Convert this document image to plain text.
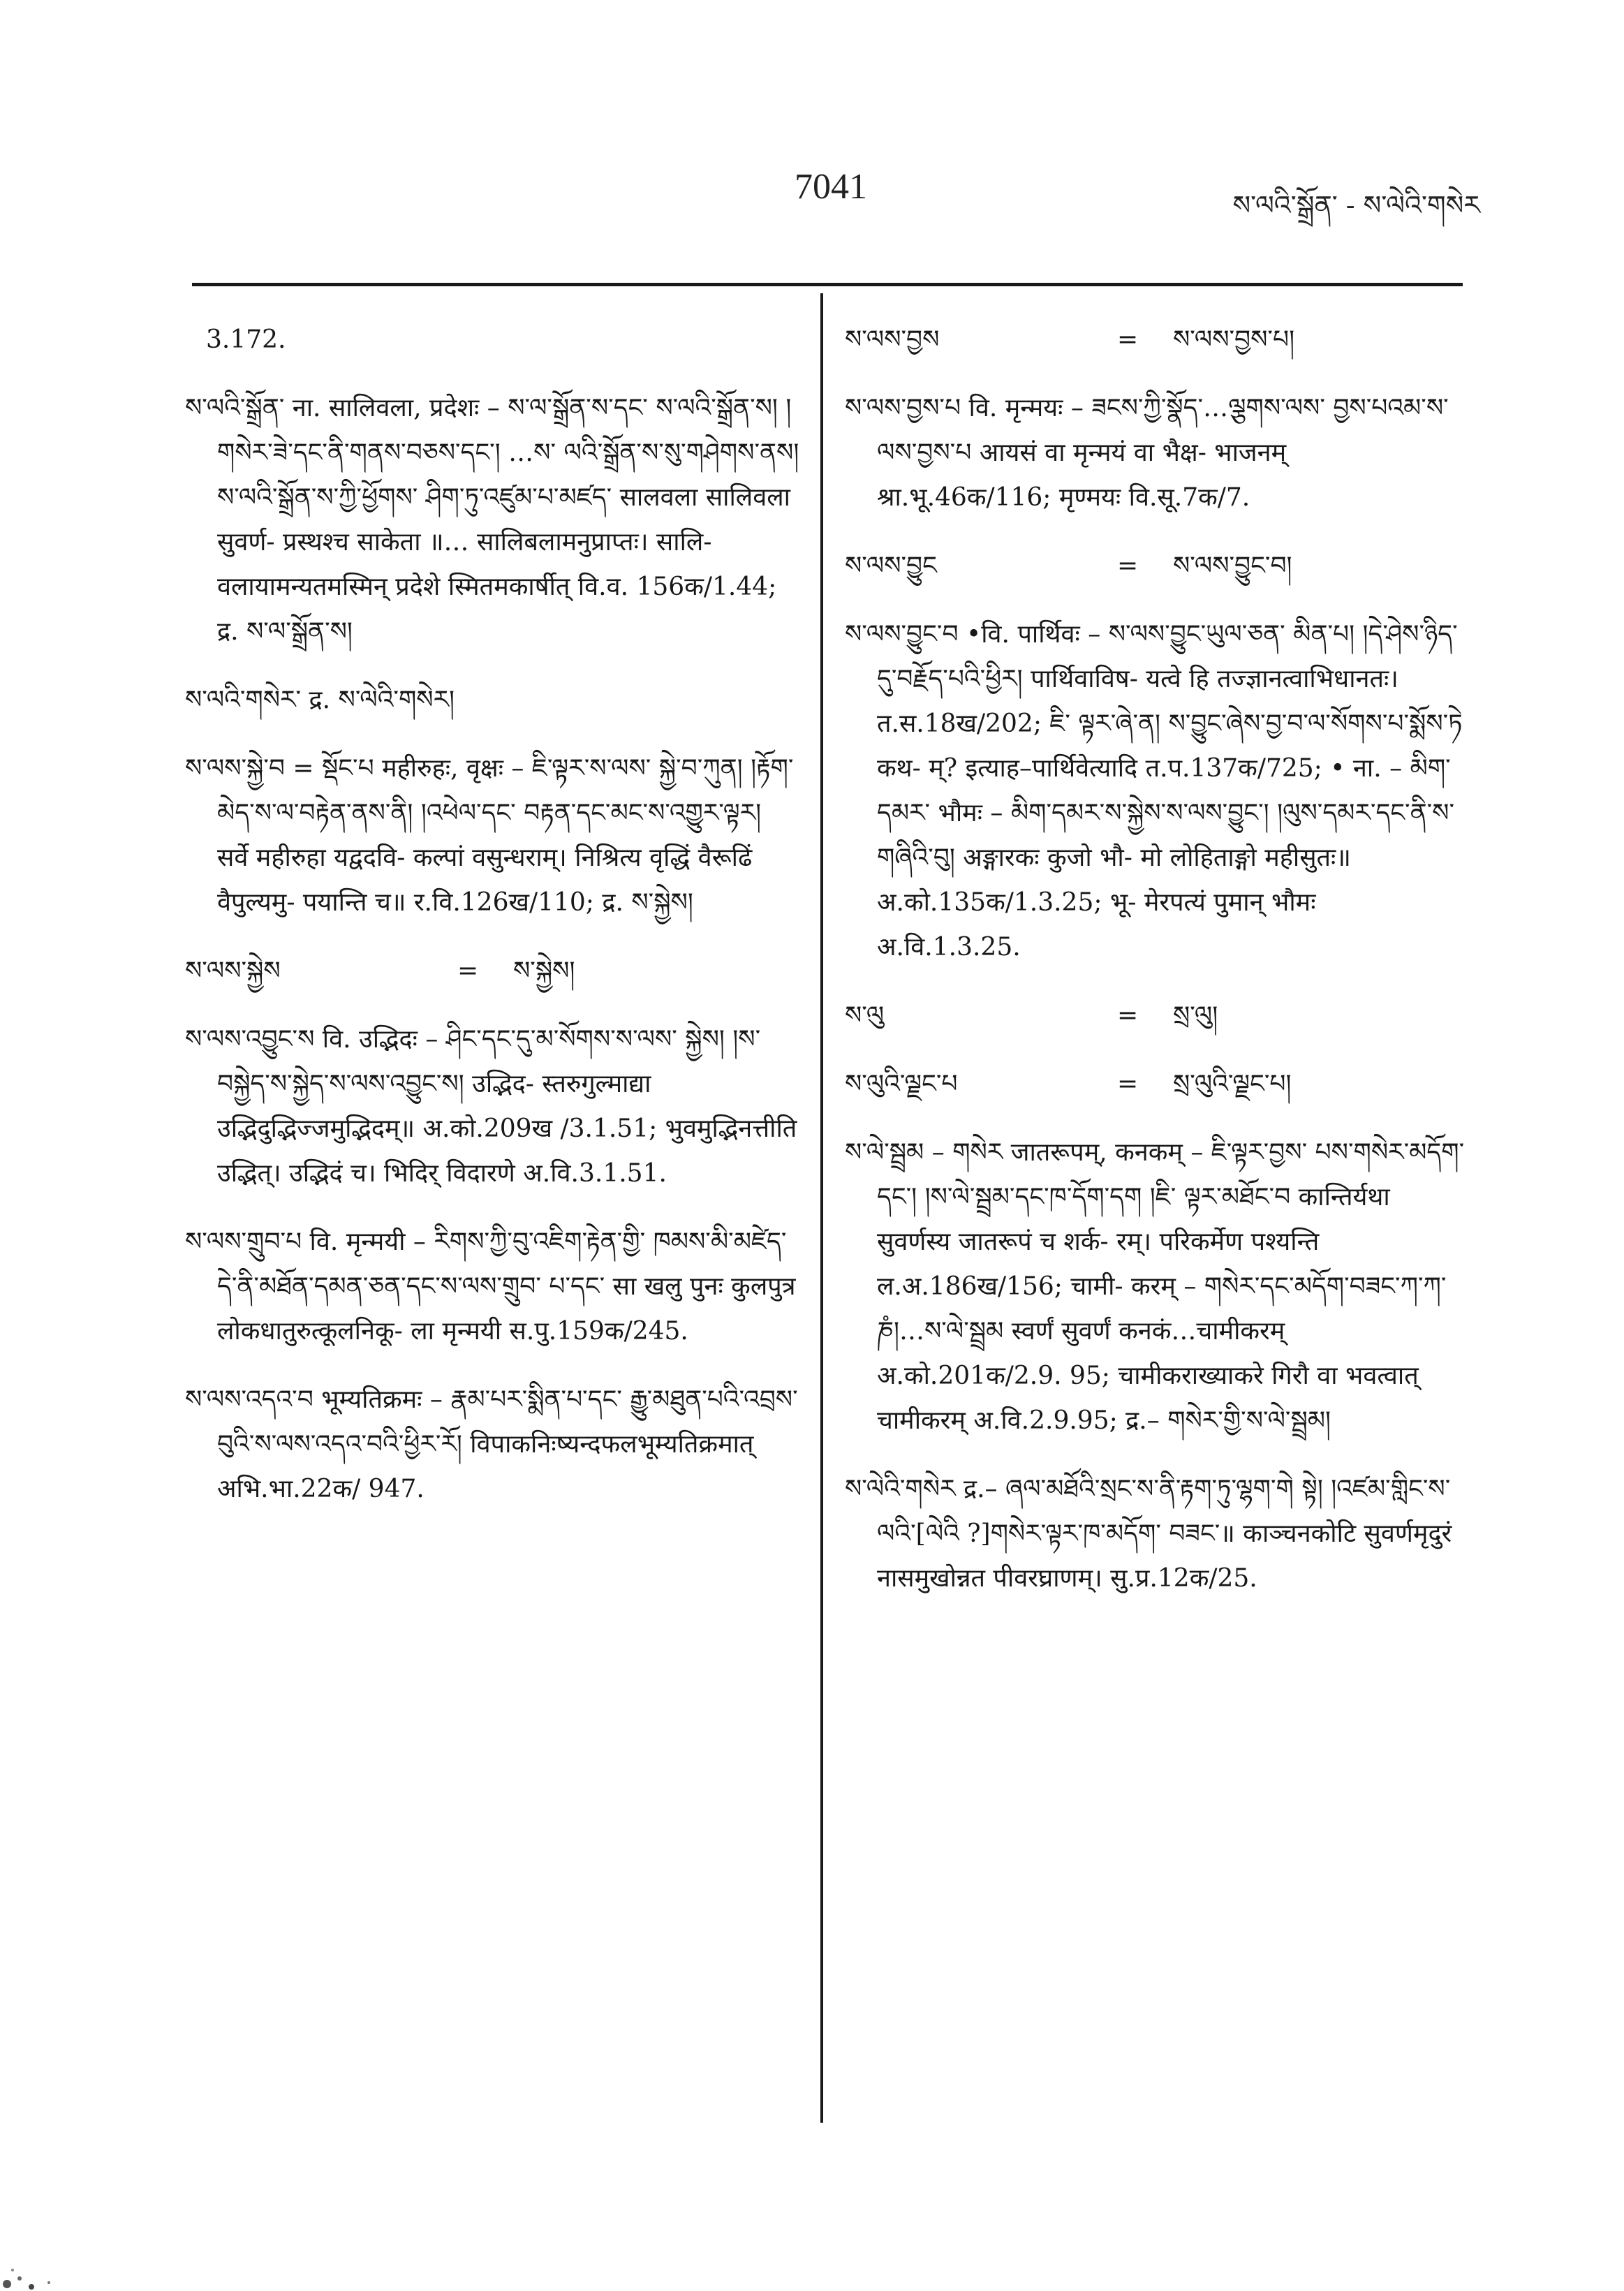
7041	ས་ལའི་སྒྲོན་ - ས་ལེའི་གསེར

3.172.

ས་ལའི་སྒྲོན་ ना. सालिवला, प्रदेशः – ས་ལ་སྒྲོན་ས་དང་ ས་ལའི་སྒྲོན་ས། །གསེར་ཟེ་དང་ནི་གནས་བཅས་དང་། …ས་ ལའི་སྒྲོན་ས་སུ་གཤེགས་ནས། ས་ལའི་སྒྲོན་ས་ཀྱི་ཕྱོགས་ ཤིག་ཏུ་འཛུམ་པ་མཛད་ सालवला सालिवला सुवर्ण- प्रस्थश्च साकेता ॥… सालिबलामनुप्राप्तः। सालि- वलायामन्यतमस्मिन् प्रदेशे स्मितमकार्षीत् वि.व. 156क/1.44; द्र. ས་ལ་སྒྲོན་ས།

ས་ལའི་གསེར་ द्र. ས་ལེའི་གསེར།

ས་ལས་སྐྱེ་བ = སྡོང་པ महीरुहः, वृक्षः – ཇི་ལྟར་ས་ལས་ སྐྱེ་བ་ཀུན། །རྟོག་མེད་ས་ལ་བརྟེན་ནས་ནི། །འཕེལ་དང་ བརྟན་དང་མང་ས་འགྱུར་ལྟར། सर्वे महीरुहा यद्वदवि- कल्पां वसुन्धराम्। निश्रित्य वृद्धिं वैरूढिं वैपुल्यमु- पयान्ति च॥ र.वि.126ख/110; द्र. ས་སྐྱེས།

ས་ལས་སྐྱེས	=	ས་སྐྱེས།

ས་ལས་འབྱུང་ས वि. उद्भिदः – ཤིང་དང་དུ་མ་སོགས་ས་ལས་ སྐྱེས། །ས་བསྐྱེད་ས་སྐྱེད་ས་ལས་འབྱུང་ས། उद्भिद- स्तरुगुल्माद्या उद्भिदुद्भिज्जमुद्भिदम्॥ अ.को.209ख /3.1.51; भुवमुद्भिनत्तीति उद्भित्। उद्भिदं च। भिदिर् विदारणे अ.वि.3.1.51.

ས་ལས་གྲུབ་པ वि. मृन्मयी – རིགས་ཀྱི་བུ་འཇིག་རྟེན་གྱི་ ཁམས་མི་མཛེད་དེ་ནི་མཐོན་དམན་ཅན་དང་ས་ལས་གྲུབ་ པ་དང་ सा खलु पुनः कुलपुत्र लोकधातुरुत्कूलनिकू- ला मृन्मयी स.पु.159क/245.

ས་ལས་འདའ་བ भूम्यतिक्रमः – རྣམ་པར་སྨིན་པ་དང་ རྒྱུ་མཐུན་པའི་འབྲས་བུའི་ས་ལས་འདའ་བའི་ཕྱིར་རོ། विपाकनिःष्यन्दफलभूम्यतिक्रमात् अभि.भा.22क/ 947.

ས་ལས་བྱས	=	ས་ལས་བྱས་པ།

ས་ལས་བྱས་པ वि. मृन्मयः – ཟངས་ཀྱི་སྣོད་…ལྕགས་ལས་ བྱས་པའམ་ས་ལས་བྱས་པ आयसं वा मृन्मयं वा भैक्ष- भाजनम् श्रा.भू.46क/116; मृण्मयः वि.सू.7क/7.

ས་ལས་བྱུང	=	ས་ལས་བྱུང་བ།

ས་ལས་བྱུང་བ •वि. पार्थिवः – ས་ལས་བྱུང་ཡུལ་ཅན་ མིན་པ། །དེ་ཤེས་ཉིད་དུ་བརྗོད་པའི་ཕྱིར། पार्थिवाविष- यत्वे हि तज्ज्ञानत्वाभिधानतः। त.स.18ख/202; ཇི་ ལྟར་ཞེ་ན། ས་བྱུང་ཞེས་བྱ་བ་ལ་སོགས་པ་སྨོས་ཏེ कथ- म्? इत्याह–पार्थिवेत्यादि त.प.137क/725; • ना. – མིག་དམར་ भौमः – མིག་དམར་ས་སྐྱེས་ས་ལས་བྱུང་། །ལུས་དམར་དང་ནི་ས་གཞིའི་བུ། अङ्गारकः कुजो भौ- मो लोहिताङ्गो महीसुतः॥ अ.को.135क/1.3.25; भू- मेरपत्यं पुमान् भौमः अ.वि.1.3.25.

ས་ལུ	=	སྲ་ལུ།
ས་ལུའི་ལྗང་པ	=	སྲ་ལུའི་ལྗང་པ།

ས་ལེ་སྦྲམ – གསེར जातरूपम्, कनकम् – ཇི་ལྟར་བྱས་ པས་གསེར་མདོག་དང་། །ས་ལེ་སྦྲམ་དང་ཁ་དོག་དག །ཇི་ ལྟར་མཐོང་བ कान्तिर्यथा सुवर्णस्य जातरूपं च शर्क- रम्। परिकर्मेण पश्यन्ति ल.अ.186ख/156; चामी- करम् – གསེར་དང་མདོག་བཟང་ཀ་ཀ་ཎཾ།…ས་ལེ་སྦྲམ स्वर्णं सुवर्णं कनकं…चामीकरम् अ.को.201क/2.9. 95; चामीकराख्याकरे गिरौ वा भवत्वात् चामीकरम् अ.वि.2.9.95; द्र.– གསེར་གྱི་ས་ལེ་སྦྲམ།

ས་ལེའི་གསེར द्र.– ཞལ་མཐོའི་སྲང་ས་ནི་རྟག་ཏུ་ལྷག་གེ སྟེ། །འཛམ་གླིང་ས་ལའི་[ལེའི ?]གསེར་ལྟར་ཁ་མདོག་ བཟང་॥ काञ्चनकोटि सुवर्णमृदुरं नासमुखोन्नत पीवरघ्राणम्। सु.प्र.12क/25.
